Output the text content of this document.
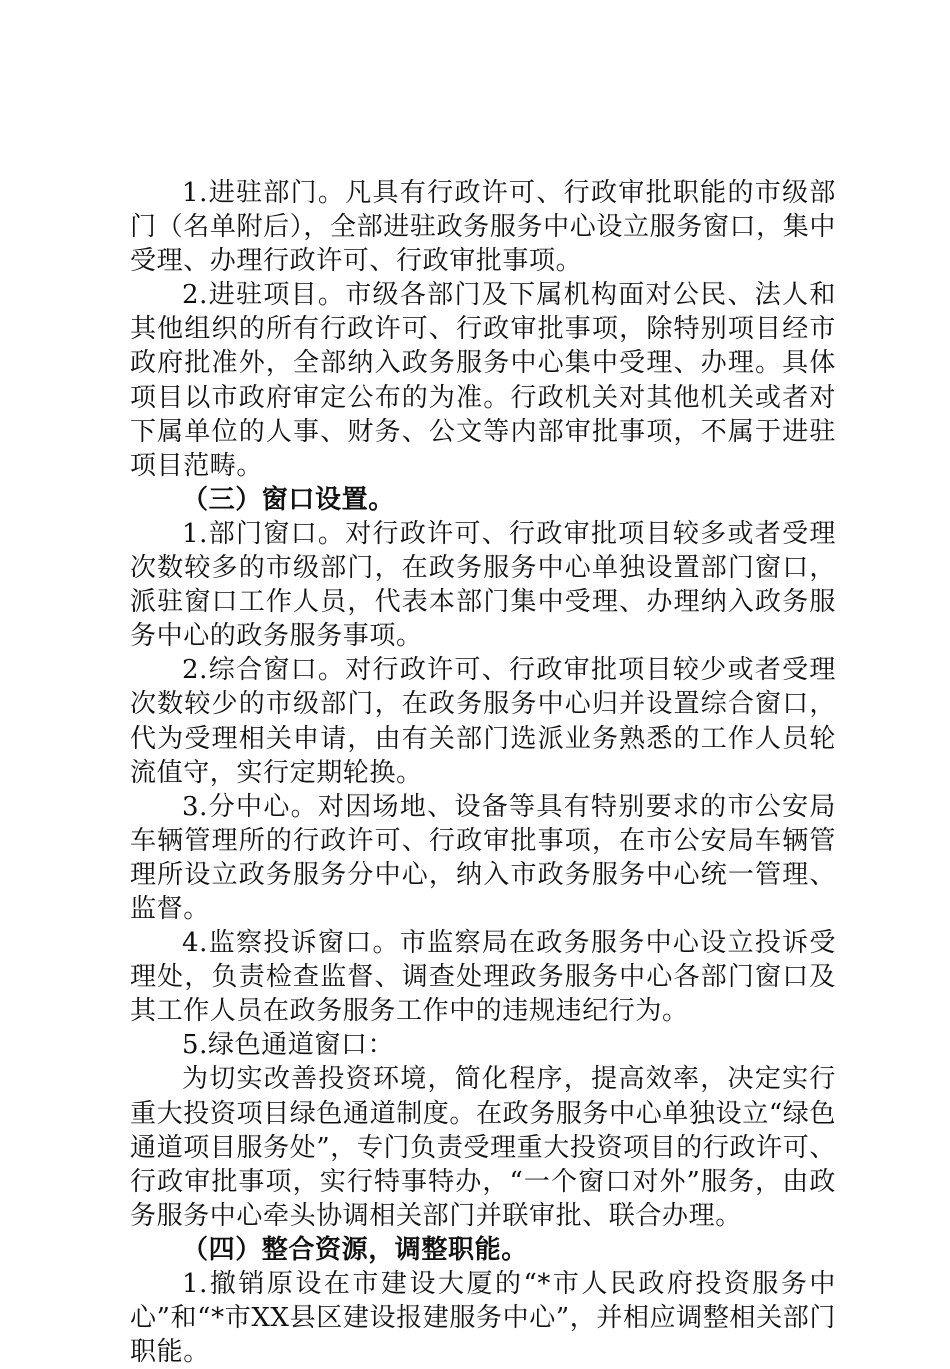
1.进驻部门。凡具有行政许可、行政审批职能的市级部门（名单附后），全部进驻政务服务中心设立服务窗口，集中受理、办理行政许可、行政审批事项。

2.进驻项目。市级各部门及下属机构面对公民、法人和其他组织的所有行政许可、行政审批事项，除特别项目经市政府批准外，全部纳入政务服务中心集中受理、办理。具体项目以市政府审定公布的为准。行政机关对其他机关或者对下属单位的人事、财务、公文等内部审批事项，不属于进驻项目范畴。

（三）窗口设置。

1.部门窗口。对行政许可、行政审批项目较多或者受理次数较多的市级部门，在政务服务中心单独设置部门窗口，派驻窗口工作人员，代表本部门集中受理、办理纳入政务服务中心的政务服务事项。

2.综合窗口。对行政许可、行政审批项目较少或者受理次数较少的市级部门，在政务服务中心归并设置综合窗口，代为受理相关申请，由有关部门选派业务熟悉的工作人员轮流值守，实行定期轮换。

3.分中心。对因场地、设备等具有特别要求的市公安局车辆管理所的行政许可、行政审批事项，在市公安局车辆管理所设立政务服务分中心，纳入市政务服务中心统一管理、监督。

4.监察投诉窗口。市监察局在政务服务中心设立投诉受理处，负责检查监督、调查处理政务服务中心各部门窗口及其工作人员在政务服务工作中的违规违纪行为。

5.绿色通道窗口：

为切实改善投资环境，简化程序，提高效率，决定实行重大投资项目绿色通道制度。在政务服务中心单独设立“绿色通道项目服务处”，专门负责受理重大投资项目的行政许可、行政审批事项，实行特事特办，“一个窗口对外”服务，由政务服务中心牵头协调相关部门并联审批、联合办理。

（四）整合资源，调整职能。

1.撤销原设在市建设大厦的“*市人民政府投资服务中心”和“*市XX县区建设报建服务中心”，并相应调整相关部门职能。
